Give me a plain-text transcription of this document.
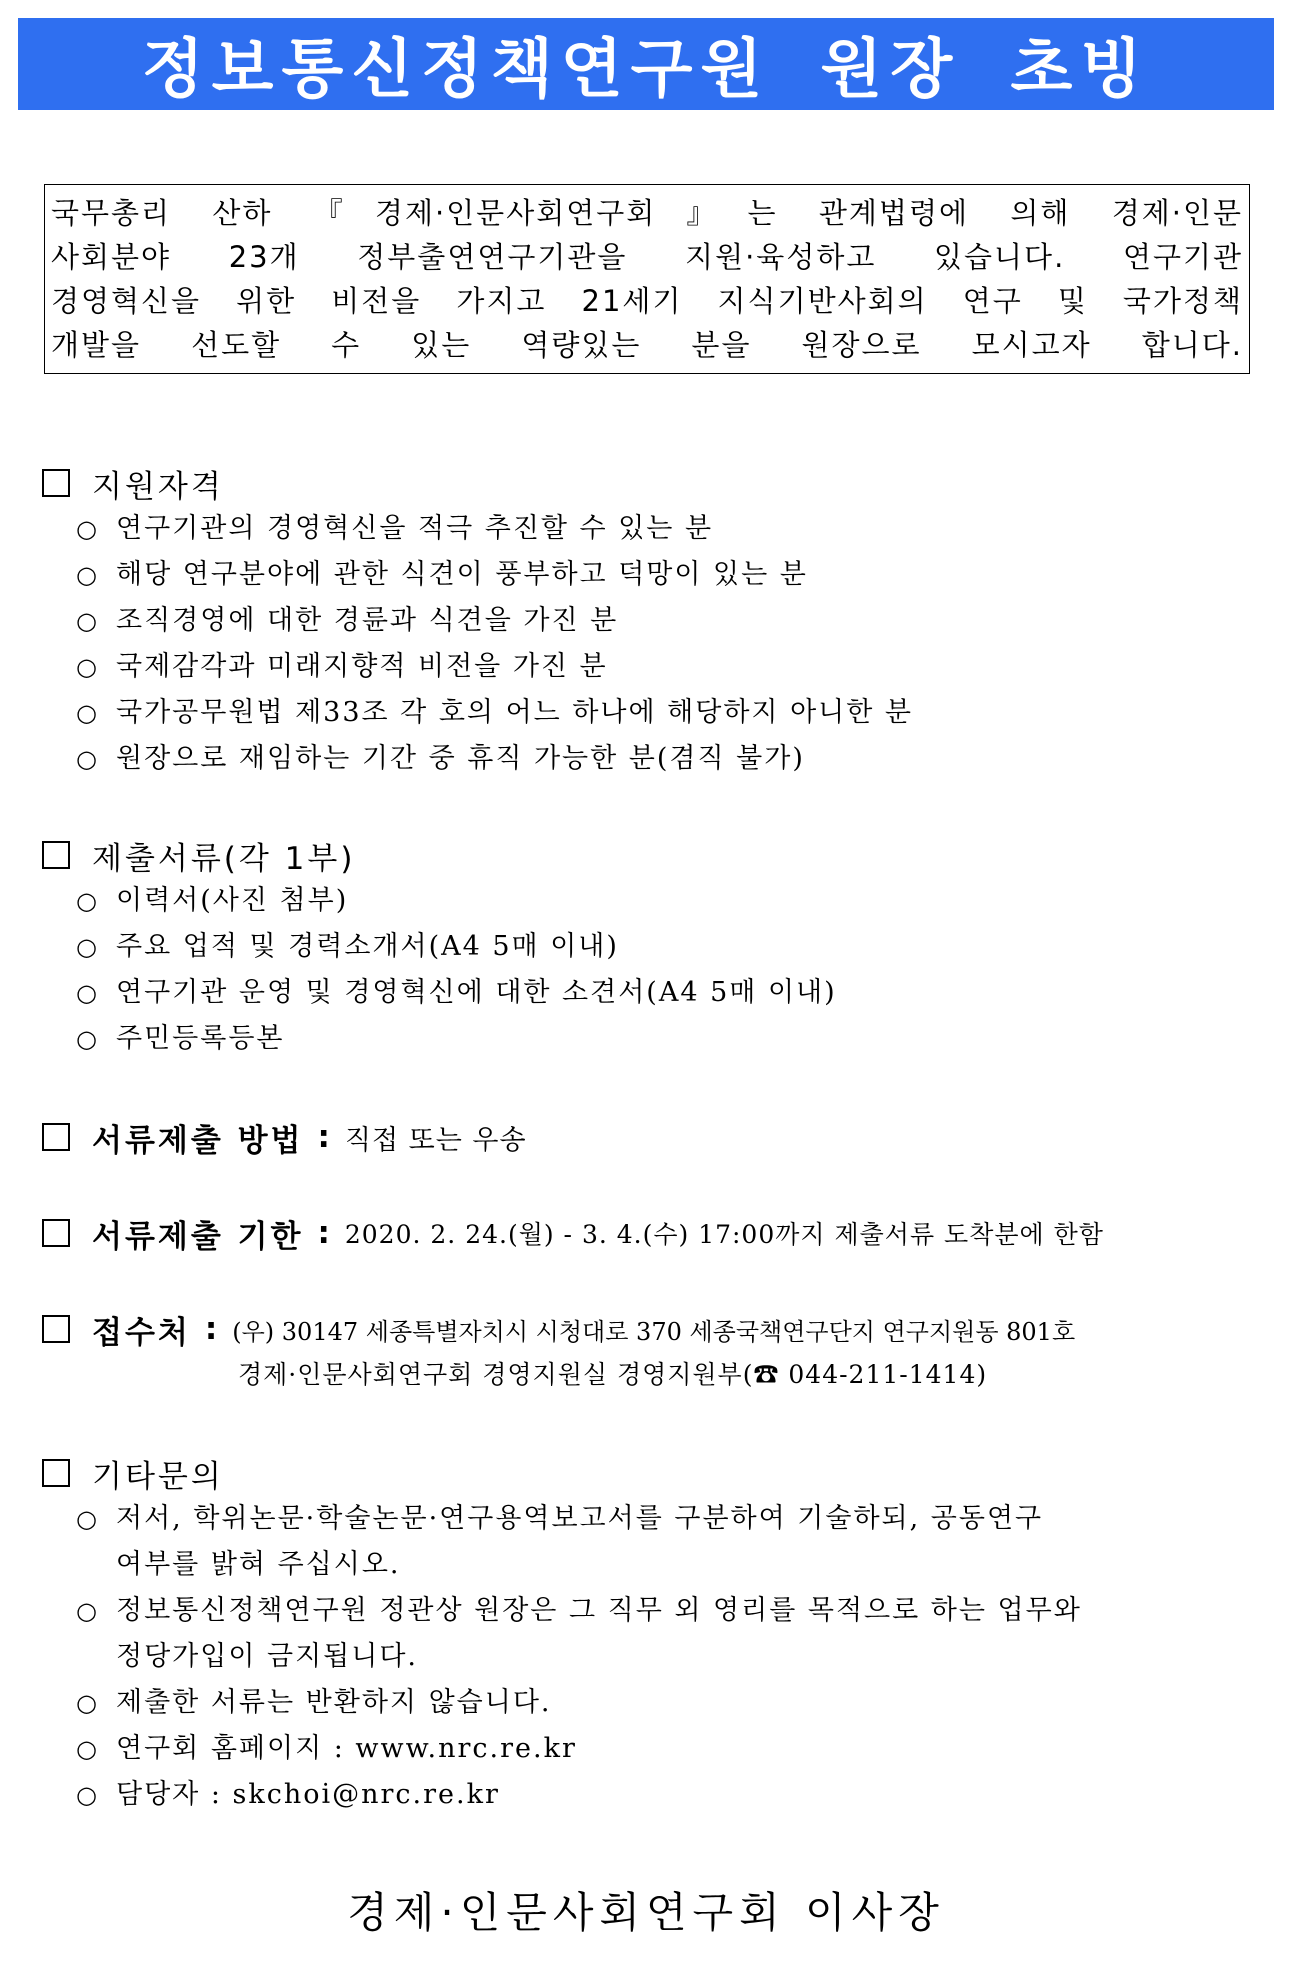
정보통신정책연구원 원장 초빙
국무총리 산하 『경제·인문사회연구회』는 관계법령에 의해 경제·인문
사회분야 23개 정부출연연구기관을 지원·육성하고 있습니다. 연구기관
경영혁신을 위한 비전을 가지고 21세기 지식기반사회의 연구 및 국가정책
개발을 선도할 수 있는 역량있는 분을 원장으로 모시고자 합니다.
지원자격
○ 연구기관의 경영혁신을 적극 추진할 수 있는 분
○ 해당 연구분야에 관한 식견이 풍부하고 덕망이 있는 분
○ 조직경영에 대한 경륜과 식견을 가진 분
○ 국제감각과 미래지향적 비전을 가진 분
○ 국가공무원법 제33조 각 호의 어느 하나에 해당하지 아니한 분
○ 원장으로 재임하는 기간 중 휴직 가능한 분(겸직 불가)
제출서류(각 1부)
○ 이력서(사진 첨부)
○ 주요 업적 및 경력소개서(A4 5매 이내)
○ 연구기관 운영 및 경영혁신에 대한 소견서(A4 5매 이내)
○ 주민등록등본
서류제출 방법 : 직접 또는 우송
서류제출 기한 : 2020. 2. 24.(월) - 3. 4.(수) 17:00까지 제출서류 도착분에 한함
접수처 : (우) 30147 세종특별자치시 시청대로 370 세종국책연구단지 연구지원동 801호
경제·인문사회연구회 경영지원실 경영지원부(☎ 044-211-1414)
기타문의
○ 저서, 학위논문·학술논문·연구용역보고서를 구분하여 기술하되, 공동연구
여부를 밝혀 주십시오.
○ 정보통신정책연구원 정관상 원장은 그 직무 외 영리를 목적으로 하는 업무와
정당가입이 금지됩니다.
○ 제출한 서류는 반환하지 않습니다.
○ 연구회 홈페이지 : www.nrc.re.kr
○ 담당자 : skchoi@nrc.re.kr
경제·인문사회연구회 이사장
